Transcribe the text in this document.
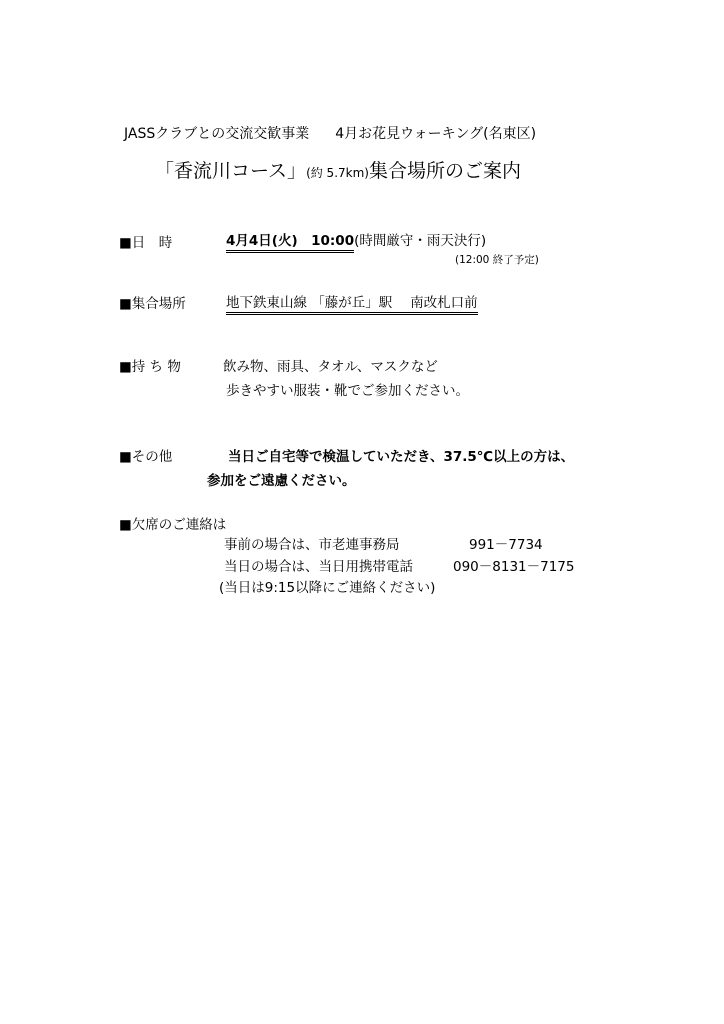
JASSクラブとの交流交歓事業 4月お花見ウォーキング(名東区)
「香流川コース」(約 5.7km)集合場所のご案内
■日　時	4月4日(火)　10:00(時間厳守・雨天決行)
(12:00 終了予定)
■集合場所	地下鉄東山線 「藤が丘」駅　 南改札口前
■持 ち 物	飲み物、雨具、タオル、マスクなど
歩きやすい服装・靴でご参加ください。
■その他	当日ご自宅等で検温していただき、37.5℃以上の方は、
参加をご遠慮ください。
■欠席のご連絡は
事前の場合は、市老連事務局	991－7734
当日の場合は、当日用携帯電話	090－8131－7175
(当日は9:15以降にご連絡ください)
